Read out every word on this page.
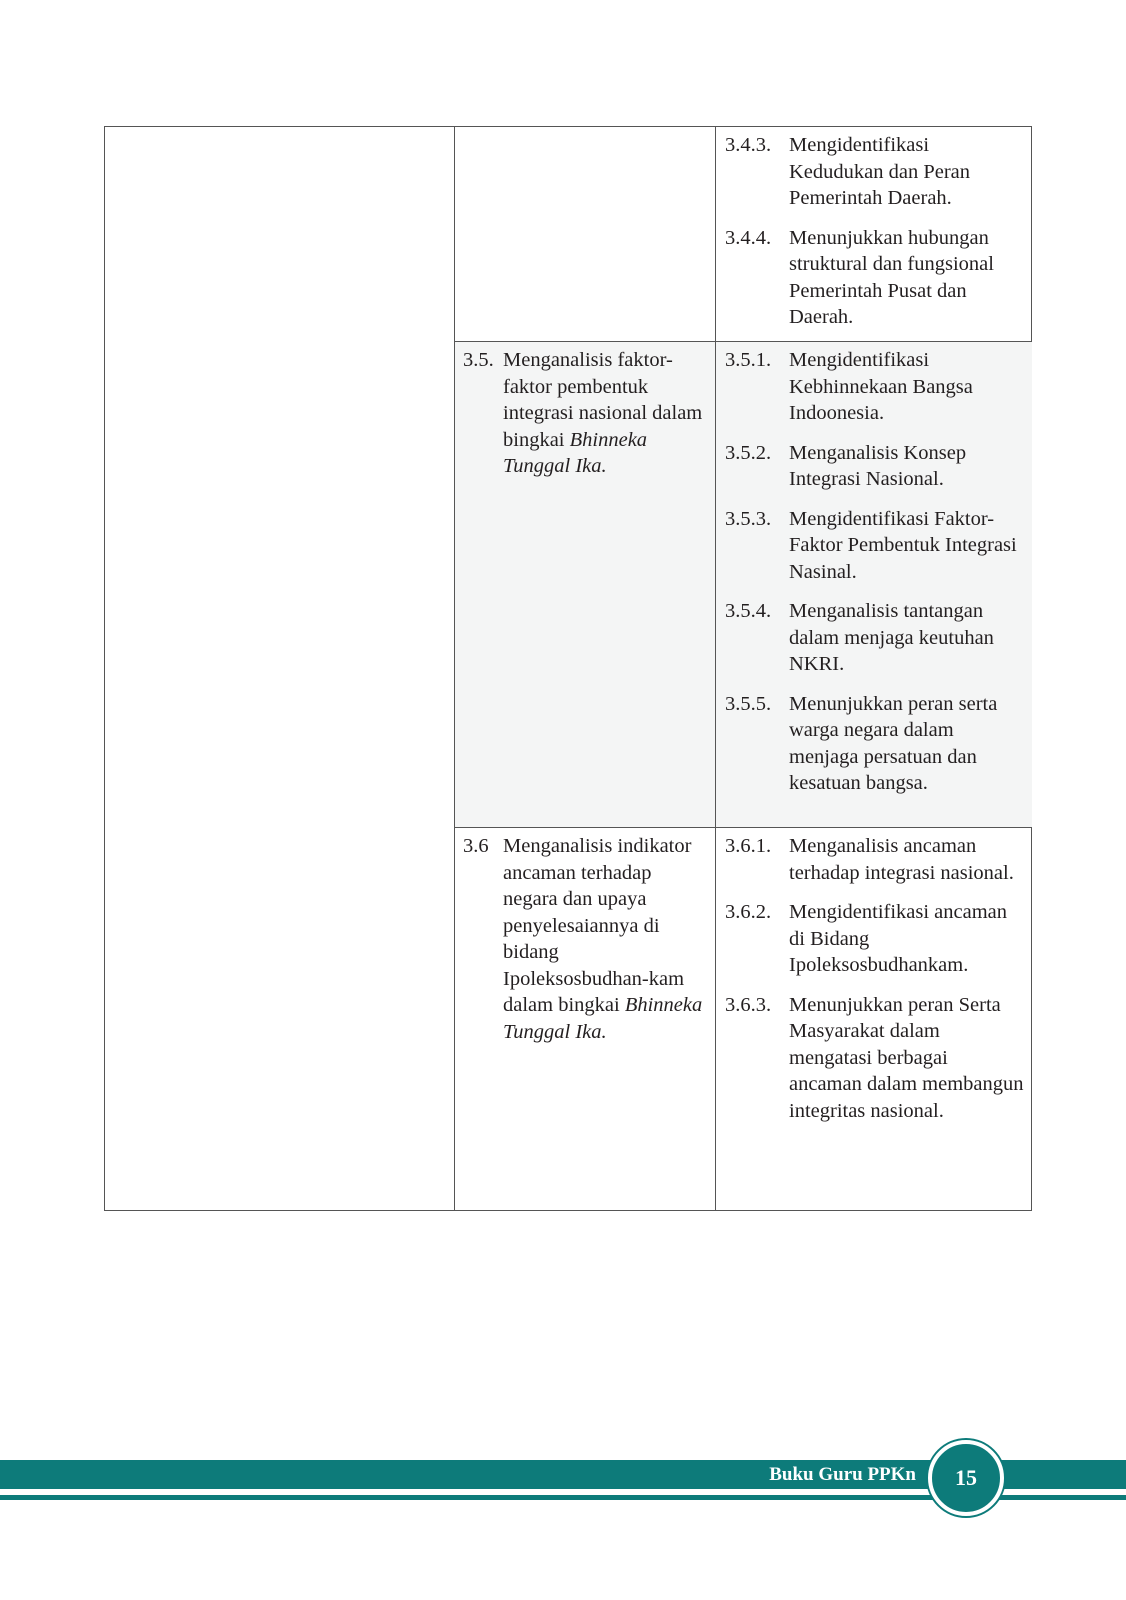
3.4.3. Mengidentifikasi Kedudukan dan Peran Pemerintah Daerah.
3.4.4. Menunjukkan hubungan struktural dan fungsional Pemerintah Pusat dan Daerah.
3.5. Menganalisis faktor-faktor pembentuk integrasi nasional dalam bingkai Bhinneka Tunggal Ika.
3.5.1. Mengidentifikasi Kebhinnekaan Bangsa Indoonesia.
3.5.2. Menganalisis Konsep Integrasi Nasional.
3.5.3. Mengidentifikasi Faktor-Faktor Pembentuk Integrasi Nasinal.
3.5.4. Menganalisis tantangan dalam menjaga keutuhan NKRI.
3.5.5. Menunjukkan peran serta warga negara dalam menjaga persatuan dan kesatuan bangsa.
3.6 Menganalisis indikator ancaman terhadap negara dan upaya penyelesaiannya di bidang Ipoleksosbudhan-kam dalam bingkai Bhinneka Tunggal Ika.
3.6.1. Menganalisis ancaman terhadap integrasi nasional.
3.6.2. Mengidentifikasi ancaman di Bidang Ipoleksosbudhankam.
3.6.3. Menunjukkan peran Serta Masyarakat dalam mengatasi berbagai ancaman dalam membangun integritas nasional.
Buku Guru PPKn	15
